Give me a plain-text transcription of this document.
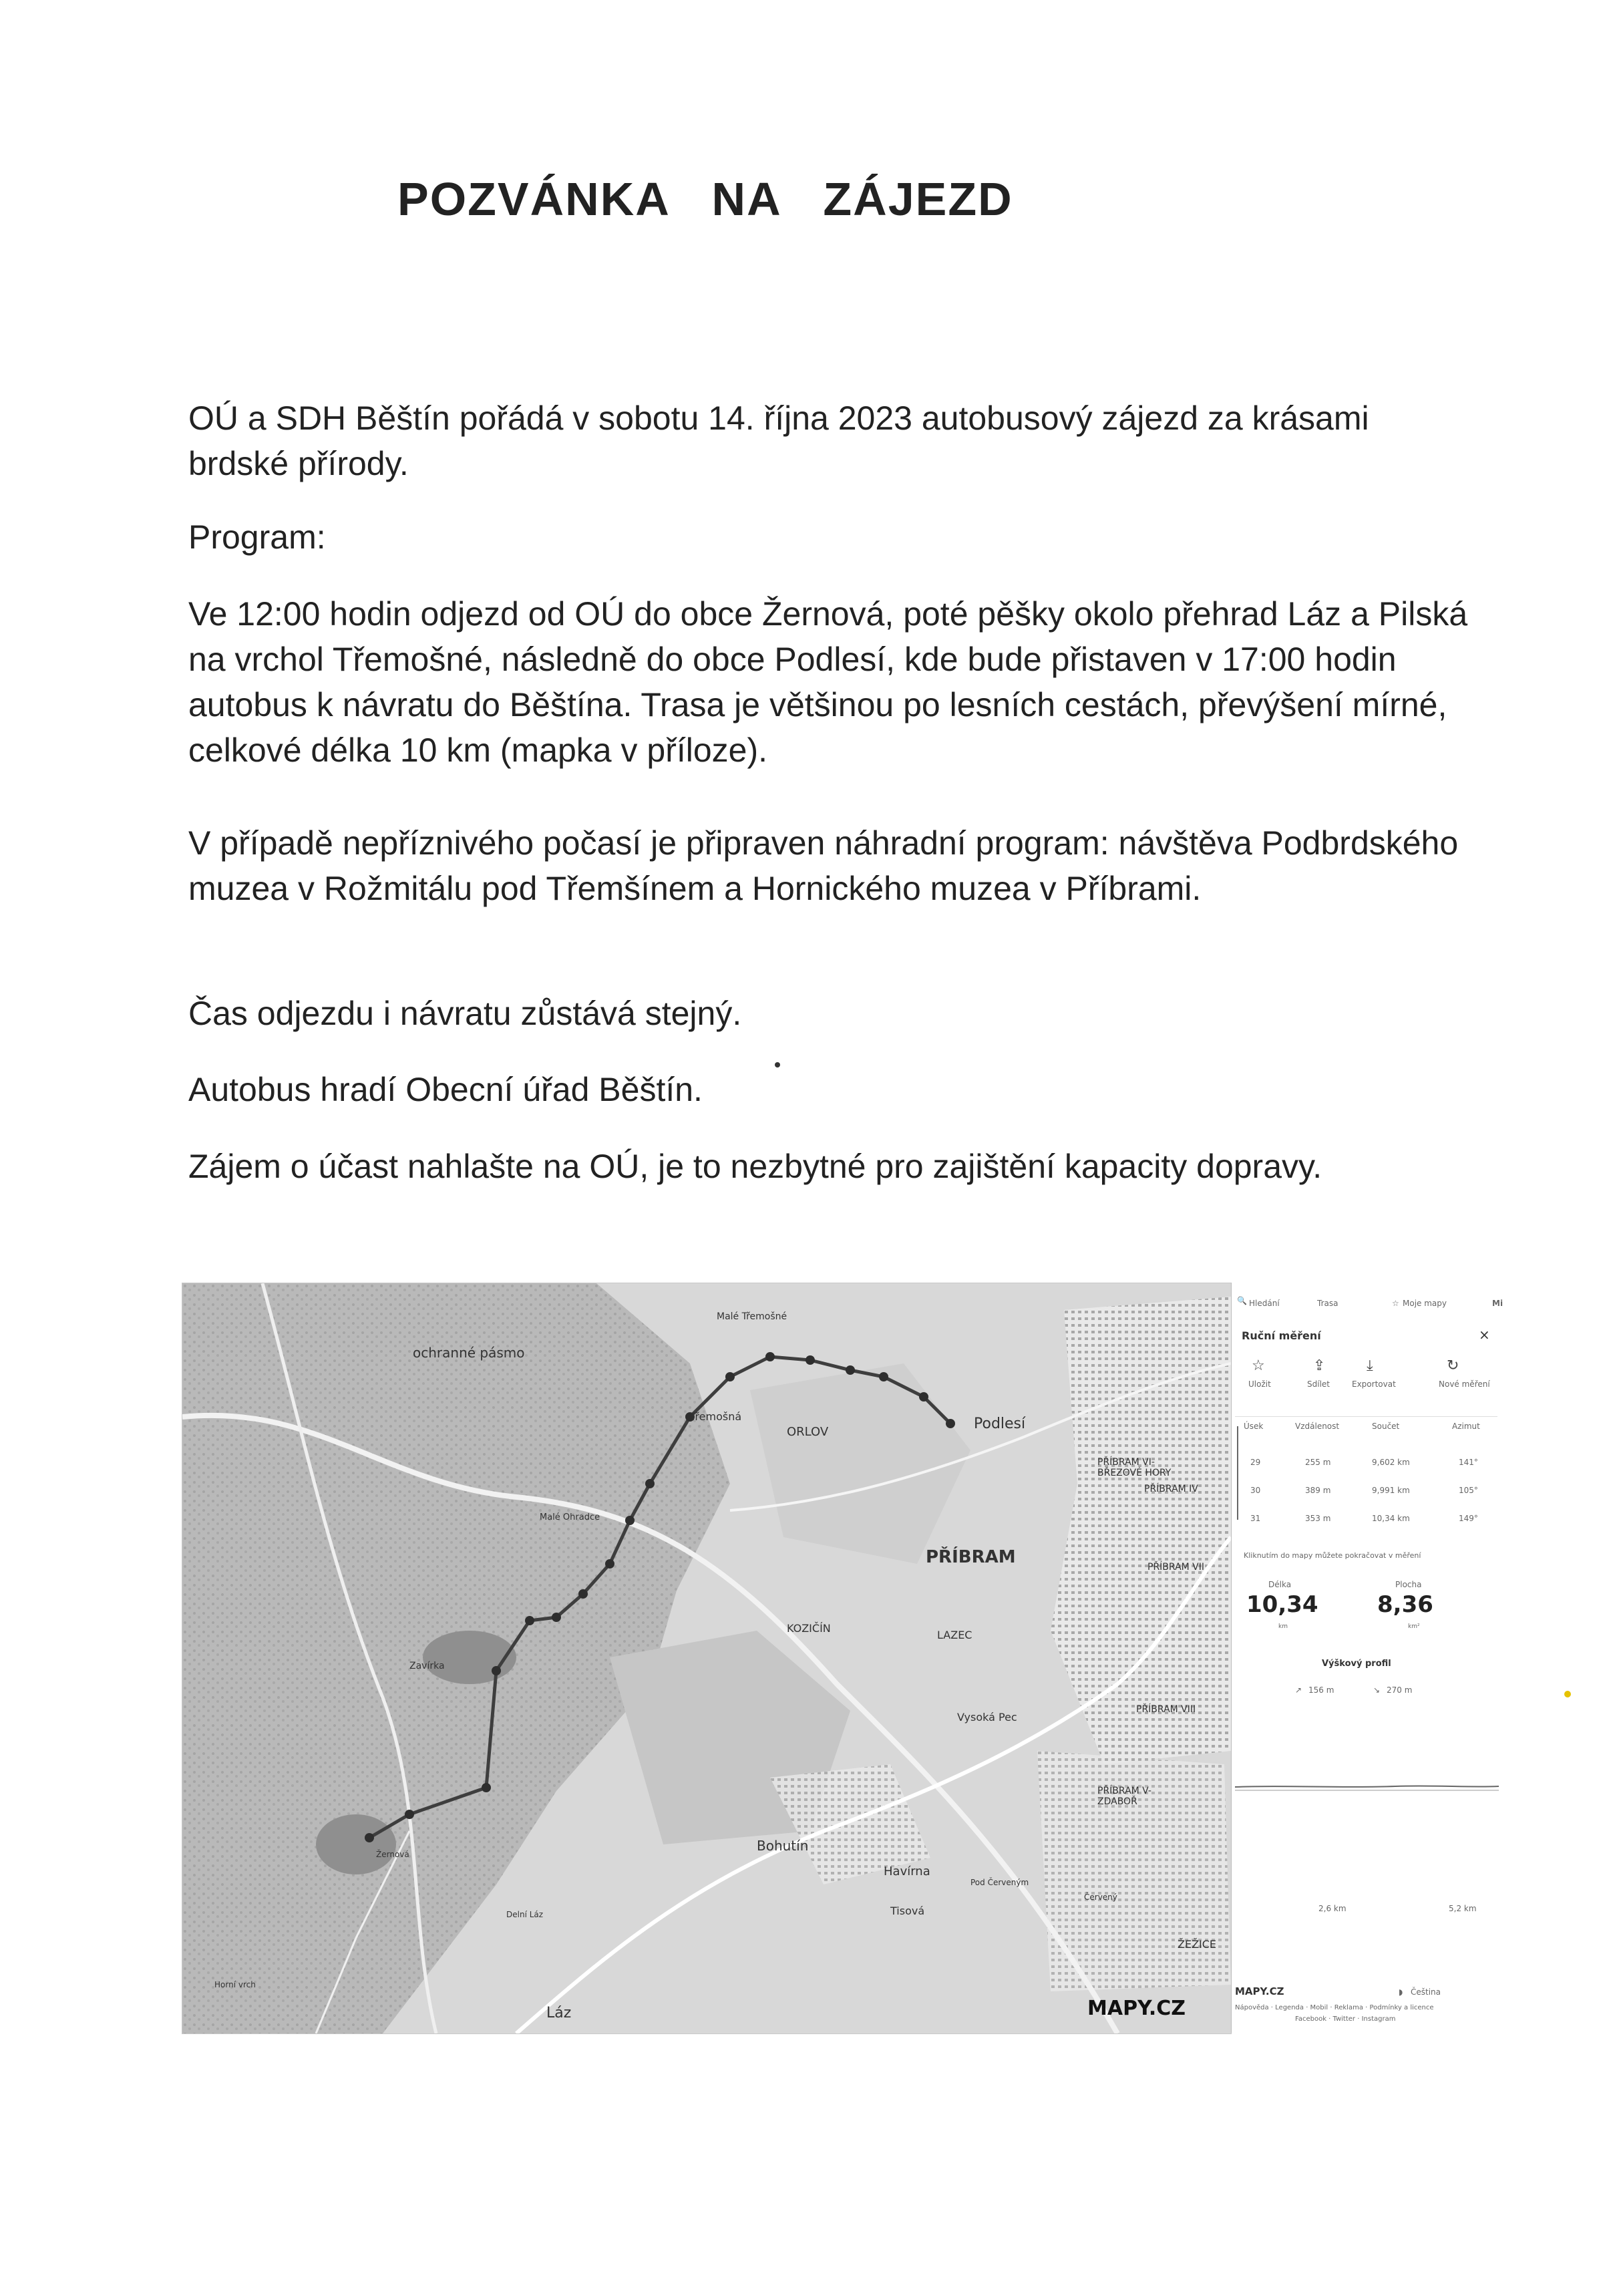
POZVÁNKA   NA   ZÁJEZD

OÚ a SDH Běštín pořádá v sobotu 14. října 2023 autobusový zájezd za krásami brdské přírody.

Program:

Ve 12:00 hodin odjezd od OÚ do obce Žernová, poté pěšky okolo přehrad Láz a Pilská na vrchol Třemošné, následně do obce Podlesí, kde bude přistaven v 17:00 hodin autobus k návratu do Běštína. Trasa je většinou po lesních cestách, převýšení mírné, celkové délka 10 km (mapka v příloze).

V případě nepříznivého počasí je připraven náhradní program: návštěva Podbrdského muzea v Rožmitálu pod Třemšínem a Hornického muzea v Příbrami.

Čas odjezdu i návratu zůstává stejný.

Autobus hradí Obecní úřad Běštín.

Zájem o účast nahlašte na OÚ, je to nezbytné pro zajištění kapacity dopravy.

ochranné pásmo
Malé Třemošné
Třemošná
ORLOV	Podlesí
Malé Ohradce
PŘÍBRAM
KOZIČÍN
LAZEC
Zavírka
Vysoká Pec
Bohutín
Havírna
Pod Červeným
Tisová
Žernová
Delní Láz
Láz
Horní vrch
PŘÍBRAM VI-BŘEZOVÉ HORY
PŘÍBRAM IV
PŘÍBRAM VII
PŘÍBRAM VIII
PŘÍBRAM V-ZDABOŘ
Červený
ŽEŽICE
MAPY.CZ
🔍 Hledání	Trasa	☆ Moje mapy	Mi
Ruční měření	×
☆	⇪	⤓	↻
Uložit	Sdílet	Exportovat	Nové měření
Úsek	Vzdálenost	Součet	Azimut
29	255 m	9,602 km	141°
30	389 m	9,991 km	105°
31	353 m	10,34 km	149°
Kliknutím do mapy můžete pokračovat v měření
Délka
10,34
km
Plocha
8,36
km²
Výškový profil
↗ 156 m	↘ 270 m
2,6 km	5,2 km
MAPY.CZ	◗ Čeština
Nápověda · Legenda · Mobil · Reklama · Podmínky a licence
Facebook · Twitter · Instagram
